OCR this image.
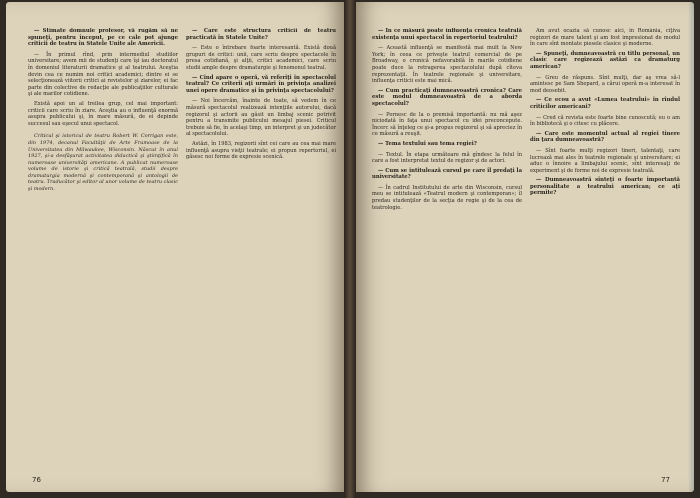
— Stimate domnule profesor, vă rugăm să ne spuneţi, pentru început, pe ce cale pot ajunge criticii de teatru în Statele Unite ale Americii.
— În primul rînd, prin intermediul studiilor universitare; avem mii de studenţi care îşi iau doctoratul în domeniul literaturii dramatice şi al teatrului. Aceştia devin cea ce numim noi critici academici; dintre ei se selecţionează viitorii critici ai revistelor şi ziarelor, ei fac parte din colective de redacţie ale publicaţiilor culturale şi ale marilor cotidiene.
Există apoi un al treilea grup, cel mai important: criticii care scriu în ziare. Aceştia au o influenţă enormă asupra publicului şi, în mare măsură, de ei depinde succesul sau eşecul unui spectacol.
Criticul şi istoricul de teatru Robert W. Corrigan este, din 1974, decanul Facultăţii de Arte Frumoase de la Universitatea din Milwaukee, Wisconsin. Născut în anul 1927, şi-a desfăşurat activitatea didactică şi ştiinţifică în numeroase universităţi americane. A publicat numeroase volume de istorie şi critică teatrală, studii despre dramaturgia modernă şi contemporană şi antologii de teatru. Traducător şi editor al unor volume de teatru clasic şi modern.
— Care este structura criticii de teatru practicată în Statele Unite?
— Este o întrebare foarte interesantă. Există două grupuri de critici: unii, care scriu despre spectacole în presa cotidiană, şi alţii, critici academici, care scriu studii ample despre dramaturgie şi fenomenul teatral.
— Cînd apare o operă, vă referiţi în spectacolul teatral? Ce criterii aţi urmări în privinţa analizei unei opere dramatice şi în privinţa spectacolului?
— Noi încercăm, înainte de toate, să vedem în ce măsură spectacolul realizează intenţiile autorului, dacă regizorul şi actorii au găsit un limbaj scenic potrivit pentru a transmite publicului mesajul piesei. Criticul trebuie să fie, în acelaşi timp, un interpret şi un judecător al spectacolului.
Astăzi, în 1983, regizorii sînt cei care au cea mai mare influenţă asupra vieţii teatrale; ei propun repertoriul, ei găsesc noi forme de expresie scenică.
76
— În ce măsură poate influenţa cronica teatrală existenţa unui spectacol în repertoriul teatrului?
— Această influenţă se manifestă mai mult la New York; în ceea ce priveşte teatrul comercial de pe Broadway, o cronică nefavorabilă în marile cotidiene poate duce la retragerea spectacolului după cîteva reprezentaţii. În teatrele regionale şi universitare, influenţa criticii este mai mică.
— Cum practicaţi dumneavoastră cronica? Care este modul dumneavoastră de a aborda spectacolul?
— Pornesc de la o premisă importantă: nu mă aşez niciodată în faţa unui spectacol cu idei preconcepute. Încerc să înţeleg ce şi-a propus regizorul şi să apreciez în ce măsură a reuşit.
— Tema textului sau tema regiei?
— Textul. În etapa următoare mă gîndesc la felul în care a fost interpretat textul de regizor şi de actori.
— Cum se intitulează cursul pe care îl predaţi la universitate?
— În cadrul Institutului de arte din Wisconsin, cursul meu se intitulează «Teatrul modern şi contemporan»; îl predau studenţilor de la secţia de regie şi de la cea de teatrologie.
Am avut ocazia să cunosc aici, în România, cîţiva regizori de mare talent şi am fost impresionat de modul în care sînt montate piesele clasice şi moderne.
— Spuneţi, dumneavoastră cu titlu personal, un clasic care regizează astăzi ca dramaturg american?
— Greu de răspuns. Sînt mulţi, dar aş vrea să-l amintesc pe Sam Shepard, a cărui operă m-a interesat în mod deosebit.
— Ce ecou a avut «Lumea teatrului» în rîndul criticilor americani?
— Cred că revista este foarte bine cunoscută; eu o am în bibliotecă şi o citesc cu plăcere.
— Care este momentul actual al regiei tinere din ţara dumneavoastră?
— Sînt foarte mulţi regizori tineri, talentaţi, care lucrează mai ales în teatrele regionale şi universitare; ei aduc o înnoire a limbajului scenic, sînt interesaţi de experiment şi de forme noi de expresie teatrală.
— Dumneavoastră sînteţi o foarte importantă personalitate a teatrului american; ce aţi permite?
77
